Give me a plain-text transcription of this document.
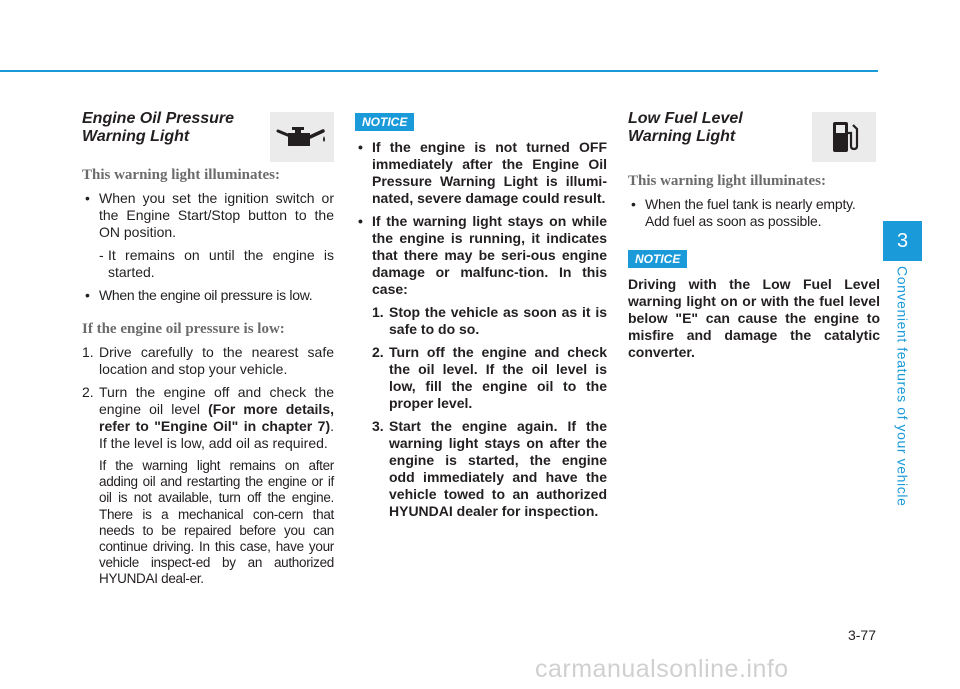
Engine Oil Pressure
Warning Light

This warning light illuminates:

• When you set the ignition switch or the Engine Start/Stop button to the ON position.

- It remains on until the engine is started.

• When the engine oil pressure is low.

If the engine oil pressure is low:

1. Drive carefully to the nearest safe location and stop your vehicle.

2. Turn the engine off and check the engine oil level (For more details, refer to "Engine Oil" in chapter 7). If the level is low, add oil as required.

If the warning light remains on after adding oil and restarting the engine or if oil is not available, turn off the engine. There is a mechanical con-cern that needs to be repaired before you can continue driving. In this case, have your vehicle inspect-ed by an authorized HYUNDAI deal-er.

NOTICE

• If the engine is not turned OFF immediately after the Engine Oil Pressure Warning Light is illumi-nated, severe damage could result.

• If the warning light stays on while the engine is running, it indicates that there may be seri-ous engine damage or malfunc-tion. In this case:

1. Stop the vehicle as soon as it is safe to do so.

2. Turn off the engine and check the oil level. If the oil level is low, fill the engine oil to the proper level.

3. Start the engine again. If the warning light stays on after the engine is started, the engine odd immediately and have the vehicle towed to an authorized HYUNDAI dealer for inspection.

Low Fuel Level
Warning Light

This warning light illuminates:

• When the fuel tank is nearly empty. Add fuel as soon as possible.

NOTICE

Driving with the Low Fuel Level warning light on or with the fuel level below "E" can cause the engine to misfire and damage the catalytic converter.

3
Convenient features of your vehicle
3-77
carmanualsonline.info
